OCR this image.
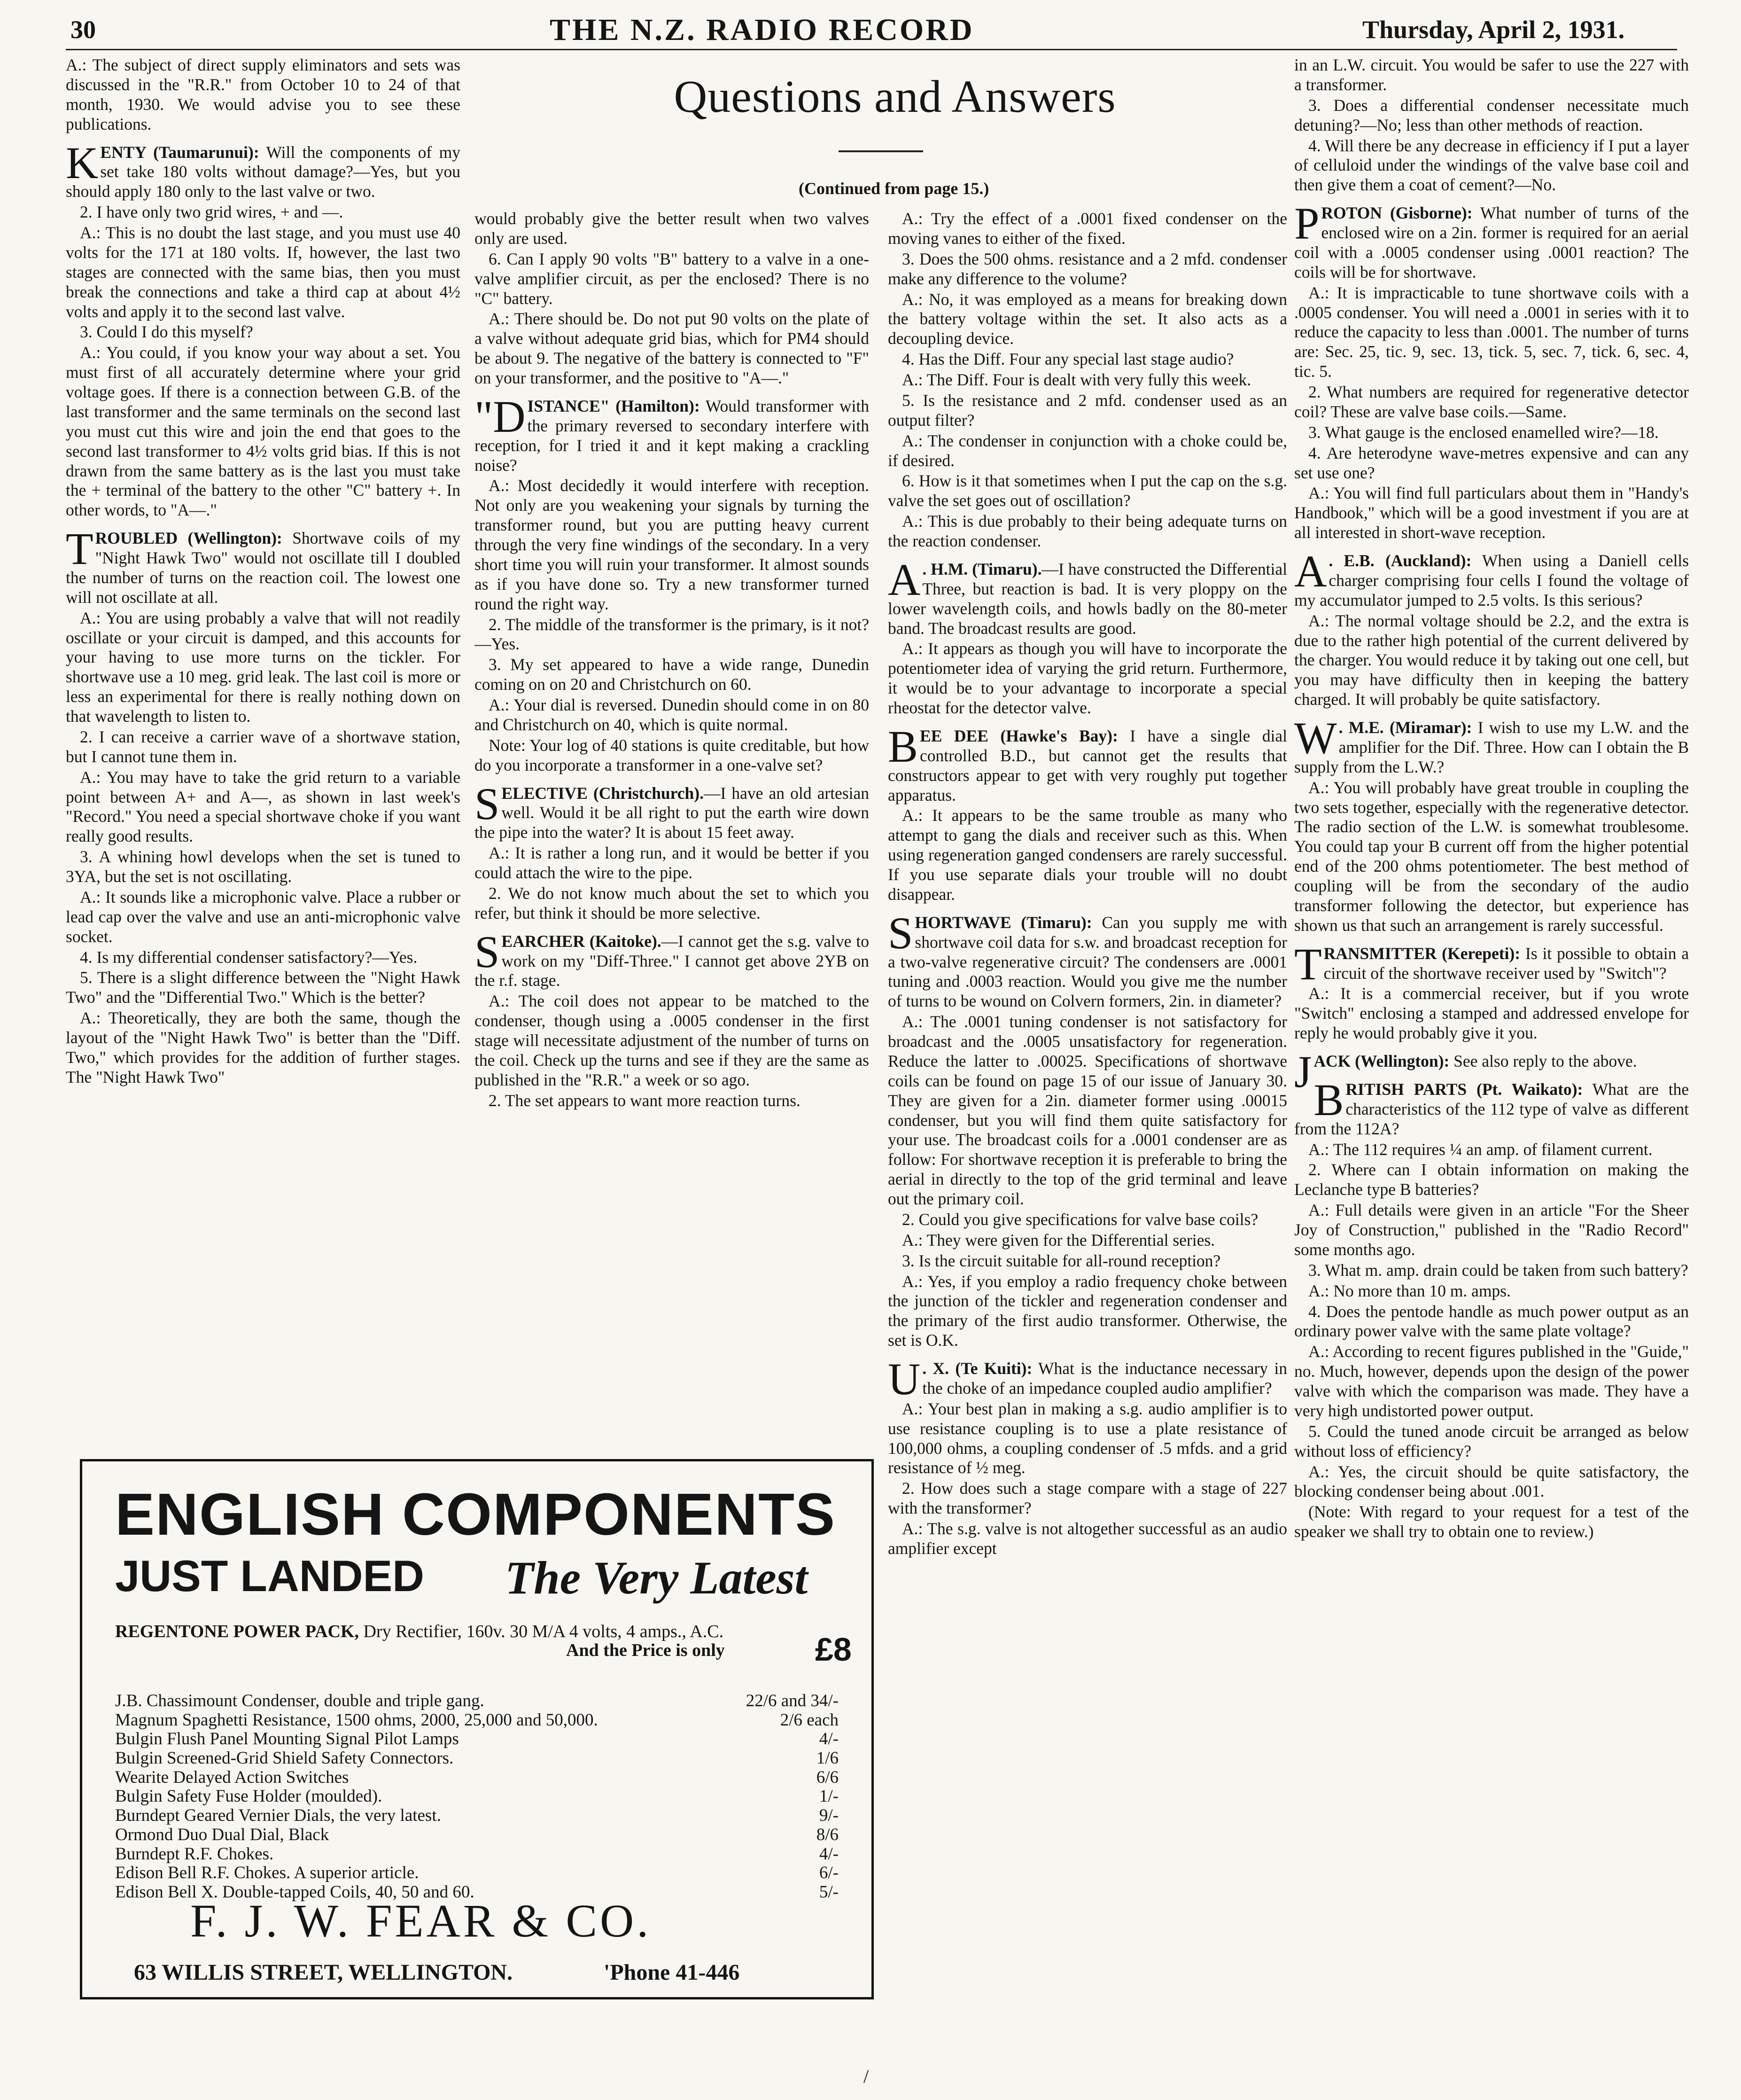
30	THE N.Z. RADIO RECORD	Thursday, April 2, 1931.
Questions and Answers
(Continued from page 15.)

A.: The subject of direct supply eliminators and sets was discussed in the "R.R." from October 10 to 24 of that month, 1930. We would advise you to see these publications.

KENTY (Taumarunui): Will the components of my set take 180 volts without damage?—Yes, but you should apply 180 only to the last valve or two.

2. I have only two grid wires, + and —.

A.: This is no doubt the last stage, and you must use 40 volts for the 171 at 180 volts. If, however, the last two stages are connected with the same bias, then you must break the connections and take a third cap at about 4½ volts and apply it to the second last valve.

3. Could I do this myself?

A.: You could, if you know your way about a set. You must first of all accurately determine where your grid voltage goes. If there is a connection between G.B. of the last transformer and the same terminals on the second last you must cut this wire and join the end that goes to the second last transformer to 4½ volts grid bias. If this is not drawn from the same battery as is the last you must take the + terminal of the battery to the other "C" battery +. In other words, to "A—."

TROUBLED (Wellington): Shortwave coils of my "Night Hawk Two" would not oscillate till I doubled the number of turns on the reaction coil. The lowest one will not oscillate at all.

A.: You are using probably a valve that will not readily oscillate or your circuit is damped, and this accounts for your having to use more turns on the tickler. For shortwave use a 10 meg. grid leak. The last coil is more or less an experimental for there is really nothing down on that wavelength to listen to.

2. I can receive a carrier wave of a shortwave station, but I cannot tune them in.

A.: You may have to take the grid return to a variable point between A+ and A—, as shown in last week's "Record." You need a special shortwave choke if you want really good results.

3. A whining howl develops when the set is tuned to 3YA, but the set is not oscillating.

A.: It sounds like a microphonic valve. Place a rubber or lead cap over the valve and use an anti-microphonic valve socket.

4. Is my differential condenser satisfactory?—Yes.

5. There is a slight difference between the "Night Hawk Two" and the "Differential Two." Which is the better?

A.: Theoretically, they are both the same, though the layout of the "Night Hawk Two" is better than the "Diff. Two," which provides for the addition of further stages. The "Night Hawk Two"

would probably give the better result when two valves only are used.

6. Can I apply 90 volts "B" battery to a valve in a one-valve amplifier circuit, as per the enclosed? There is no "C" battery.

A.: There should be. Do not put 90 volts on the plate of a valve without adequate grid bias, which for PM4 should be about 9. The negative of the battery is connected to "F" on your transformer, and the positive to "A—."

"DISTANCE" (Hamilton): Would transformer with the primary reversed to secondary interfere with reception, for I tried it and it kept making a crackling noise?

A.: Most decidedly it would interfere with reception. Not only are you weakening your signals by turning the transformer round, but you are putting heavy current through the very fine windings of the secondary. In a very short time you will ruin your transformer. It almost sounds as if you have done so. Try a new transformer turned round the right way.

2. The middle of the transformer is the primary, is it not?—Yes.

3. My set appeared to have a wide range, Dunedin coming on on 20 and Christchurch on 60.

A.: Your dial is reversed. Dunedin should come in on 80 and Christchurch on 40, which is quite normal.

Note: Your log of 40 stations is quite creditable, but how do you incorporate a transformer in a one-valve set?

SELECTIVE (Christchurch).—I have an old artesian well. Would it be all right to put the earth wire down the pipe into the water? It is about 15 feet away.

A.: It is rather a long run, and it would be better if you could attach the wire to the pipe.

2. We do not know much about the set to which you refer, but think it should be more selective.

SEARCHER (Kaitoke).—I cannot get the s.g. valve to work on my "Diff-Three." I cannot get above 2YB on the r.f. stage.

A.: The coil does not appear to be matched to the condenser, though using a .0005 condenser in the first stage will necessitate adjustment of the number of turns on the coil. Check up the turns and see if they are the same as published in the "R.R." a week or so ago.

2. The set appears to want more reaction turns.

A.: Try the effect of a .0001 fixed condenser on the moving vanes to either of the fixed.

3. Does the 500 ohms. resistance and a 2 mfd. condenser make any difference to the volume?

A.: No, it was employed as a means for breaking down the battery voltage within the set. It also acts as a decoupling device.

4. Has the Diff. Four any special last stage audio?

A.: The Diff. Four is dealt with very fully this week.

5. Is the resistance and 2 mfd. condenser used as an output filter?

A.: The condenser in conjunction with a choke could be, if desired.

6. How is it that sometimes when I put the cap on the s.g. valve the set goes out of oscillation?

A.: This is due probably to their being adequate turns on the reaction condenser.

A . H.M. (Timaru).—I have constructed the Differential Three, but reaction is bad. It is very ploppy on the lower wavelength coils, and howls badly on the 80-meter band. The broadcast results are good.

A.: It appears as though you will have to incorporate the potentiometer idea of varying the grid return. Furthermore, it would be to your advantage to incorporate a special rheostat for the detector valve.

BEE DEE (Hawke's Bay): I have a single dial controlled B.D., but cannot get the results that constructors appear to get with very roughly put together apparatus.

A.: It appears to be the same trouble as many who attempt to gang the dials and receiver such as this. When using regeneration ganged condensers are rarely successful. If you use separate dials your trouble will no doubt disappear.

SHORTWAVE (Timaru): Can you supply me with shortwave coil data for s.w. and broadcast reception for a two-valve regenerative circuit? The condensers are .0001 tuning and .0003 reaction. Would you give me the number of turns to be wound on Colvern formers, 2in. in diameter?

A.: The .0001 tuning condenser is not satisfactory for broadcast and the .0005 unsatisfactory for regeneration. Reduce the latter to .00025. Specifications of shortwave coils can be found on page 15 of our issue of January 30. They are given for a 2in. diameter former using .00015 condenser, but you will find them quite satisfactory for your use. The broadcast coils for a .0001 condenser are as follow: For shortwave reception it is preferable to bring the aerial in directly to the top of the grid terminal and leave out the primary coil.

2. Could you give specifications for valve base coils?

A.: They were given for the Differential series.

3. Is the circuit suitable for all-round reception?

A.: Yes, if you employ a radio frequency choke between the junction of the tickler and regeneration condenser and the primary of the first audio transformer. Otherwise, the set is O.K.

U . X. (Te Kuiti): What is the inductance necessary in the choke of an impedance coupled audio amplifier?

A.: Your best plan in making a s.g. audio amplifier is to use resistance coupling is to use a plate resistance of 100,000 ohms, a coupling condenser of .5 mfds. and a grid resistance of ½ meg.

2. How does such a stage compare with a stage of 227 with the transformer?

A.: The s.g. valve is not altogether successful as an audio amplifier except

in an L.W. circuit. You would be safer to use the 227 with a transformer.

3. Does a differential condenser necessitate much detuning?—No; less than other methods of reaction.

4. Will there be any decrease in efficiency if I put a layer of celluloid under the windings of the valve base coil and then give them a coat of cement?—No.

PROTON (Gisborne): What number of turns of the enclosed wire on a 2in. former is required for an aerial coil with a .0005 condenser using .0001 reaction? The coils will be for shortwave.

A.: It is impracticable to tune shortwave coils with a .0005 condenser. You will need a .0001 in series with it to reduce the capacity to less than .0001. The number of turns are: Sec. 25, tic. 9, sec. 13, tick. 5, sec. 7, tick. 6, sec. 4, tic. 5.

2. What numbers are required for regenerative detector coil? These are valve base coils.—Same.

3. What gauge is the enclosed enamelled wire?—18.

4. Are heterodyne wave-metres expensive and can any set use one?

A.: You will find full particulars about them in "Handy's Handbook," which will be a good investment if you are at all interested in short-wave reception.

A . E.B. (Auckland): When using a Daniell cells charger comprising four cells I found the voltage of my accumulator jumped to 2.5 volts. Is this serious?

A.: The normal voltage should be 2.2, and the extra is due to the rather high potential of the current delivered by the charger. You would reduce it by taking out one cell, but you may have difficulty then in keeping the battery charged. It will probably be quite satisfactory.

W . M.E. (Miramar): I wish to use my L.W. and the amplifier for the Dif. Three. How can I obtain the B supply from the L.W.?

A.: You will probably have great trouble in coupling the two sets together, especially with the regenerative detector. The radio section of the L.W. is somewhat troublesome. You could tap your B current off from the higher potential end of the 200 ohms potentiometer. The best method of coupling will be from the secondary of the audio transformer following the detector, but experience has shown us that such an arrangement is rarely successful.

TRANSMITTER (Kerepeti): Is it possible to obtain a circuit of the shortwave receiver used by "Switch"?

A.: It is a commercial receiver, but if you wrote "Switch" enclosing a stamped and addressed envelope for reply he would probably give it you.

JACK (Wellington): See also reply to the above.

BRITISH PARTS (Pt. Waikato): What are the characteristics of the 112 type of valve as different from the 112A?

A.: The 112 requires ¼ an amp. of filament current.

2. Where can I obtain information on making the Leclanche type B batteries?

A.: Full details were given in an article "For the Sheer Joy of Construction," published in the "Radio Record" some months ago.

3. What m. amp. drain could be taken from such battery?

A.: No more than 10 m. amps.

4. Does the pentode handle as much power output as an ordinary power valve with the same plate voltage?

A.: According to recent figures published in the "Guide," no. Much, however, depends upon the design of the power valve with which the comparison was made. They have a very high undistorted power output.

5. Could the tuned anode circuit be arranged as below without loss of efficiency?

A.: Yes, the circuit should be quite satisfactory, the blocking condenser being about .001.

(Note: With regard to your request for a test of the speaker we shall try to obtain one to review.)

ENGLISH COMPONENTS
JUST LANDED The Very Latest
REGENTONE POWER PACK, Dry Rectifier, 160v. 30 M/A 4 volts, 4 amps., A.C.
And the Price is only	£8
J.B. Chassimount Condenser, double and triple gang.	22/6 and 34/-
Magnum Spaghetti Resistance, 1500 ohms, 2000, 25,000 and 50,000.	2/6 each
Bulgin Flush Panel Mounting Signal Pilot Lamps	4/-
Bulgin Screened-Grid Shield Safety Connectors.	1/6
Wearite Delayed Action Switches	6/6
Bulgin Safety Fuse Holder (moulded).	1/-
Burndept Geared Vernier Dials, the very latest.	9/-
Ormond Duo Dual Dial, Black	8/6
Burndept R.F. Chokes.	4/-
Edison Bell R.F. Chokes. A superior article.	6/-
Edison Bell X. Double-tapped Coils, 40, 50 and 60.	5/-
F. J. W. FEAR & CO.
63 WILLIS STREET, WELLINGTON.	'Phone 41-446
/
